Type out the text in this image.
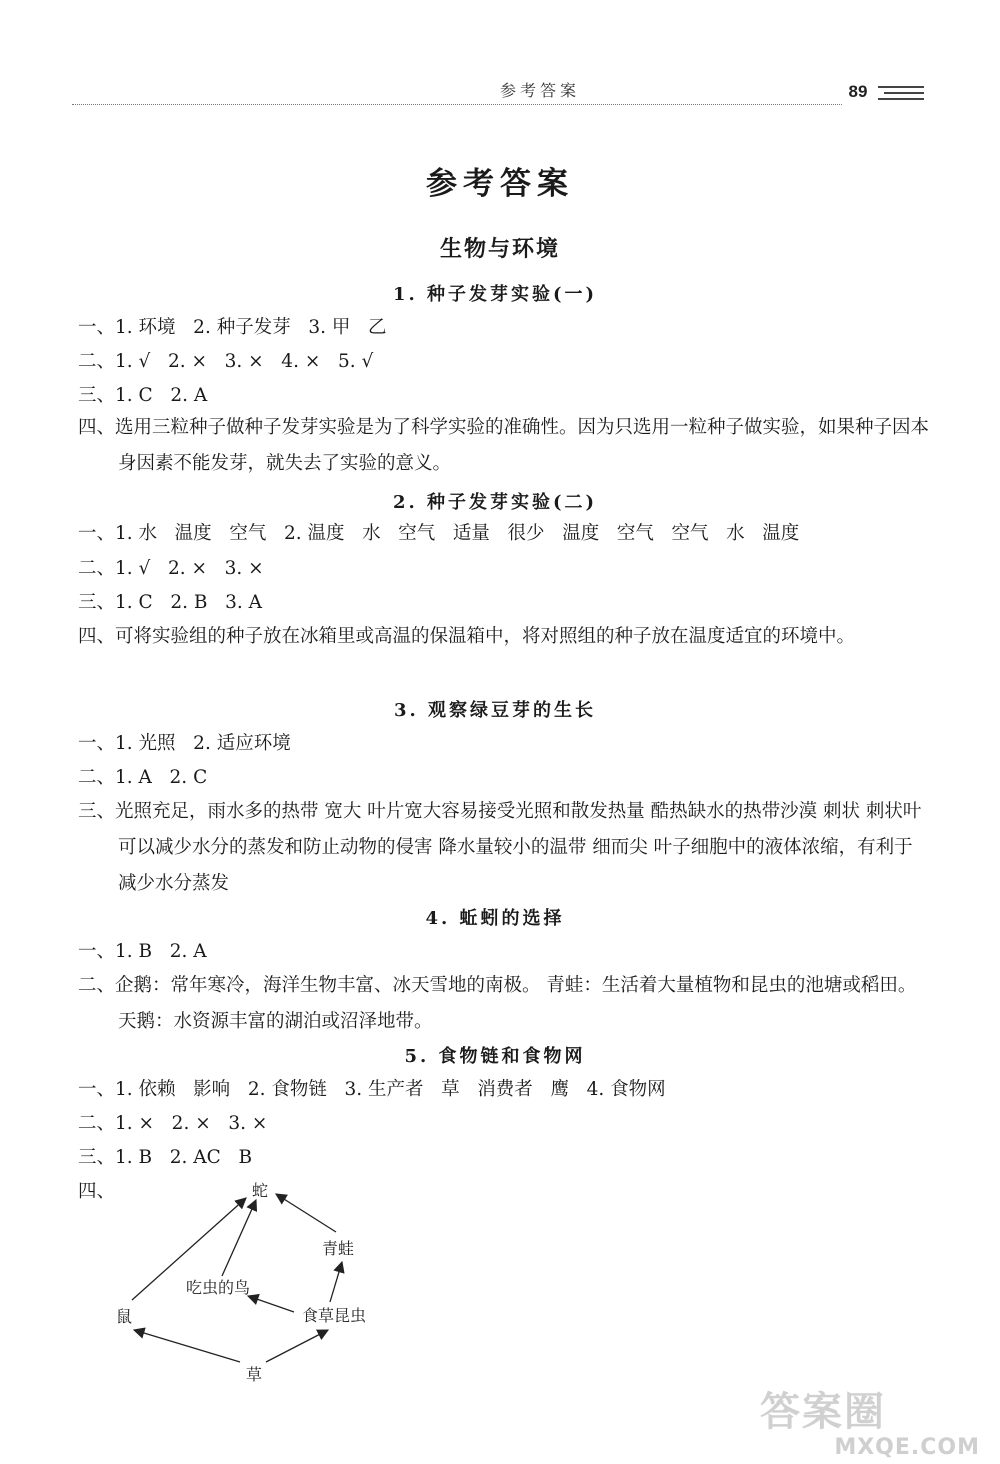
参考答案	89
参考答案
生物与环境
1. 种子发芽实验(一)
一、1. 环境   2. 种子发芽   3. 甲   乙
二、1. √   2. ×   3. ×   4. ×   5. √
三、1. C   2. A
四、选用三粒种子做种子发芽实验是为了科学实验的准确性。因为只选用一粒种子做实验，如果种子因本身因素不能发芽，就失去了实验的意义。
2. 种子发芽实验(二)
一、1. 水   温度   空气   2. 温度   水   空气   适量   很少   温度   空气   空气   水   温度
二、1. √   2. ×   3. ×
三、1. C   2. B   3. A
四、可将实验组的种子放在冰箱里或高温的保温箱中，将对照组的种子放在温度适宜的环境中。
3. 观察绿豆芽的生长
一、1. 光照   2. 适应环境
二、1. A   2. C
三、光照充足，雨水多的热带 宽大 叶片宽大容易接受光照和散发热量 酷热缺水的热带沙漠 刺状 刺状叶可以减少水分的蒸发和防止动物的侵害 降水量较小的温带 细而尖 叶子细胞中的液体浓缩，有利于减少水分蒸发
4. 蚯蚓的选择
一、1. B   2. A
二、企鹅：常年寒冷，海洋生物丰富、冰天雪地的南极。 青蛙：生活着大量植物和昆虫的池塘或稻田。 天鹅：水资源丰富的湖泊或沼泽地带。
5. 食物链和食物网
一、1. 依赖   影响   2. 食物链   3. 生产者   草   消费者   鹰   4. 食物网
二、1. ×   2. ×   3. ×
三、1. B   2. AC   B
四、	蛇
青蛙
吃虫的鸟
鼠	食草昆虫
草
答案圈
MXQE.COM
